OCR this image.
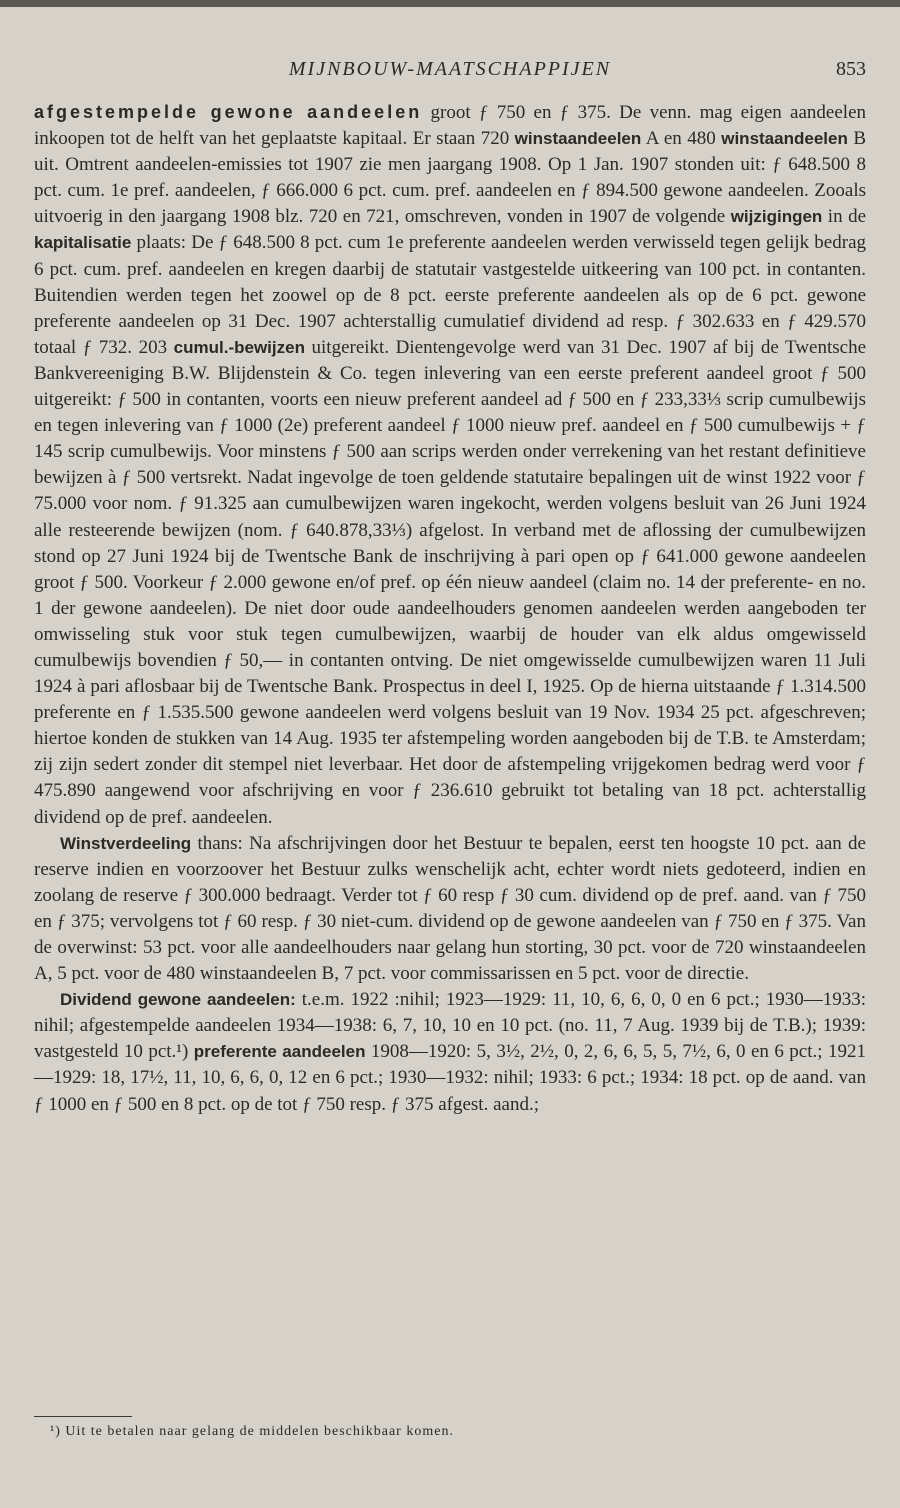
MIJNBOUW-MAATSCHAPPIJEN	853

afgestempelde gewone aandeelen groot ƒ 750 en ƒ 375. De venn. mag eigen aandeelen inkoopen tot de helft van het geplaatste kapitaal. Er staan 720 winstaandeelen A en 480 winstaandeelen B uit. Omtrent aandeelen-emissies tot 1907 zie men jaargang 1908. Op 1 Jan. 1907 stonden uit: ƒ 648.500 8 pct. cum. 1e pref. aandeelen, ƒ 666.000 6 pct. cum. pref. aandeelen en ƒ 894.500 gewone aandeelen. Zooals uitvoerig in den jaargang 1908 blz. 720 en 721, omschreven, vonden in 1907 de volgende wijzigingen in de kapitalisatie plaats: De ƒ 648.500 8 pct. cum 1e preferente aandeelen werden verwisseld tegen gelijk bedrag 6 pct. cum. pref. aandeelen en kregen daarbij de statutair vastgestelde uitkeering van 100 pct. in contanten. Buitendien werden tegen het zoowel op de 8 pct. eerste preferente aandeelen als op de 6 pct. gewone preferente aandeelen op 31 Dec. 1907 achterstallig cumulatief dividend ad resp. ƒ 302.633 en ƒ 429.570 totaal ƒ 732. 203 cumul.-bewijzen uitgereikt. Dientengevolge werd van 31 Dec. 1907 af bij de Twentsche Bankvereeniging B.W. Blijdenstein & Co. tegen inlevering van een eerste preferent aandeel groot ƒ 500 uitgereikt: ƒ 500 in contanten, voorts een nieuw preferent aandeel ad ƒ 500 en ƒ 233,33⅓ scrip cumulbewijs en tegen inlevering van ƒ 1000 (2e) preferent aandeel ƒ 1000 nieuw pref. aandeel en ƒ 500 cumulbewijs + ƒ 145 scrip cumulbewijs. Voor minstens ƒ 500 aan scrips werden onder verrekening van het restant definitieve bewijzen à ƒ 500 vertsrekt. Nadat ingevolge de toen geldende statutaire bepalingen uit de winst 1922 voor ƒ 75.000 voor nom. ƒ 91.325 aan cumulbewijzen waren ingekocht, werden volgens besluit van 26 Juni 1924 alle resteerende bewijzen (nom. ƒ 640.878,33⅓) afgelost. In verband met de aflossing der cumulbewijzen stond op 27 Juni 1924 bij de Twentsche Bank de inschrijving à pari open op ƒ 641.000 gewone aandeelen groot ƒ 500. Voorkeur ƒ 2.000 gewone en/of pref. op één nieuw aandeel (claim no. 14 der preferente- en no. 1 der gewone aandeelen). De niet door oude aandeelhouders genomen aandeelen werden aangeboden ter omwisseling stuk voor stuk tegen cumulbewijzen, waarbij de houder van elk aldus omgewisseld cumulbewijs bovendien ƒ 50,— in contanten ontving. De niet omgewisselde cumulbewijzen waren 11 Juli 1924 à pari aflosbaar bij de Twentsche Bank. Prospectus in deel I, 1925. Op de hierna uitstaande ƒ 1.314.500 preferente en ƒ 1.535.500 gewone aandeelen werd volgens besluit van 19 Nov. 1934 25 pct. afgeschreven; hiertoe konden de stukken van 14 Aug. 1935 ter afstempeling worden aangeboden bij de T.B. te Amsterdam; zij zijn sedert zonder dit stempel niet leverbaar. Het door de afstempeling vrijgekomen bedrag werd voor ƒ 475.890 aangewend voor afschrijving en voor ƒ 236.610 gebruikt tot betaling van 18 pct. achterstallig dividend op de pref. aandeelen.

Winstverdeeling thans: Na afschrijvingen door het Bestuur te bepalen, eerst ten hoogste 10 pct. aan de reserve indien en voorzoover het Bestuur zulks wenschelijk acht, echter wordt niets gedoteerd, indien en zoolang de reserve ƒ 300.000 bedraagt. Verder tot ƒ 60 resp ƒ 30 cum. dividend op de pref. aand. van ƒ 750 en ƒ 375; vervolgens tot ƒ 60 resp. ƒ 30 niet-cum. dividend op de gewone aandeelen van ƒ 750 en ƒ 375. Van de overwinst: 53 pct. voor alle aandeelhouders naar gelang hun storting, 30 pct. voor de 720 winstaandeelen A, 5 pct. voor de 480 winstaandeelen B, 7 pct. voor commissarissen en 5 pct. voor de directie.

Dividend gewone aandeelen: t.e.m. 1922 :nihil; 1923—1929: 11, 10, 6, 6, 0, 0 en 6 pct.; 1930—1933: nihil; afgestempelde aandeelen 1934—1938: 6, 7, 10, 10 en 10 pct. (no. 11, 7 Aug. 1939 bij de T.B.); 1939: vastgesteld 10 pct.¹) preferente aandeelen 1908—1920: 5, 3½, 2½, 0, 2, 6, 6, 5, 5, 7½, 6, 0 en 6 pct.; 1921—1929: 18, 17½, 11, 10, 6, 6, 0, 12 en 6 pct.; 1930—1932: nihil; 1933: 6 pct.; 1934: 18 pct. op de aand. van ƒ 1000 en ƒ 500 en 8 pct. op de tot ƒ 750 resp. ƒ 375 afgest. aand.;

¹) Uit te betalen naar gelang de middelen beschikbaar komen.
